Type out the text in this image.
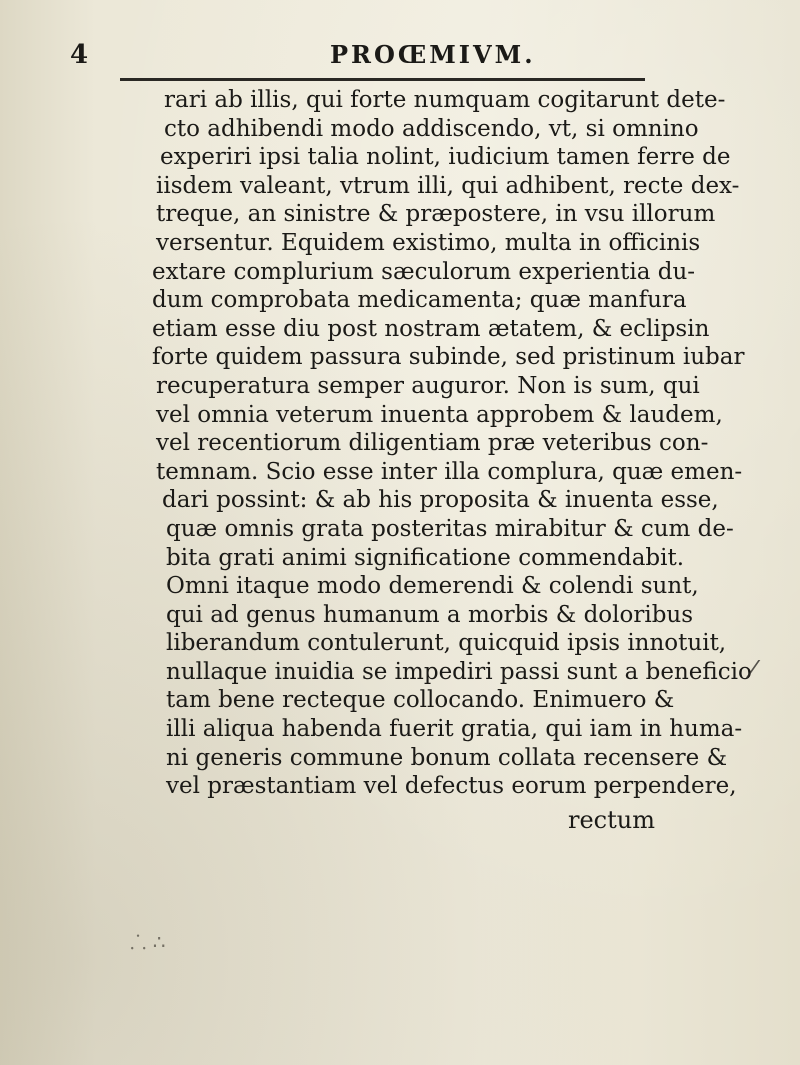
4	PROŒMIVM.
rari ab illis, qui forte numquam cogitarunt dete-
cto adhibendi modo addiscendo, vt, si omnino
experiri ipsi talia nolint, iudicium tamen ferre de
iisdem valeant, vtrum illi, qui adhibent, recte dex-
treque, an sinistre & præpostere, in vsu illorum
versentur. Equidem existimo, multa in officinis
extare complurium sæculorum experientia du-
dum comprobata medicamenta; quæ manfura
etiam esse diu post nostram ætatem, & eclipsin
forte quidem passura subinde, sed pristinum iubar
recuperatura semper auguror. Non is sum, qui
vel omnia veterum inuenta approbem & laudem,
vel recentiorum diligentiam præ veteribus con-
temnam. Scio esse inter illa complura, quæ emen-
dari possint: & ab his proposita & inuenta esse,
quæ omnis grata posteritas mirabitur & cum de-
bita grati animi significatione commendabit.
Omni itaque modo demerendi & colendi sunt,
qui ad genus humanum a morbis & doloribus
liberandum contulerunt, quicquid ipsis innotuit,
nullaque inuidia se impediri passi sunt a beneficio
tam bene recteque collocando. Enimuero &
illi aliqua habenda fuerit gratia, qui iam in huma-
ni generis commune bonum collata recensere &
vel præstantiam vel defectus eorum perpendere,
rectum
⸫ ∴
